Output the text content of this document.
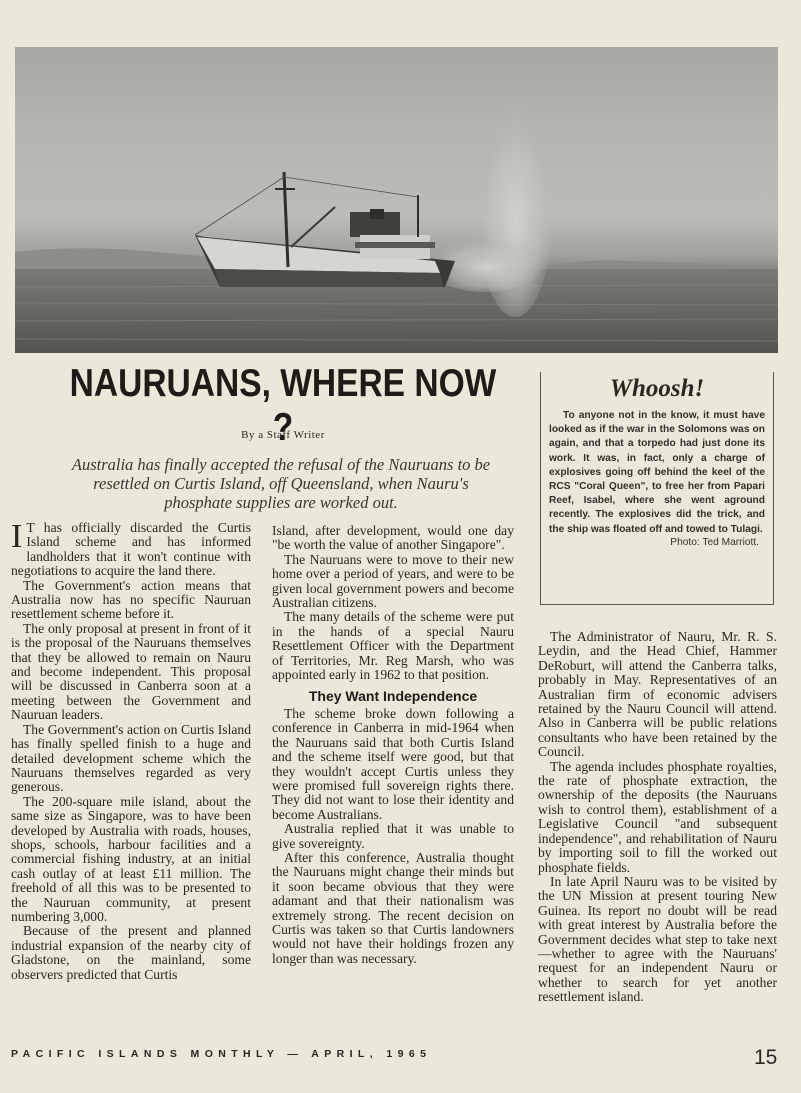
NAURUANS, WHERE NOW ?
By a Staff Writer
Australia has finally accepted the refusal of the Nauruans to be resettled on Curtis Island, off Queensland, when Nauru's phosphate supplies are worked out.

I T has officially discarded the Curtis Island scheme and has informed landholders that it won't continue with negotiations to acquire the land there.

The Government's action means that Australia now has no specific Nauruan resettlement scheme before it.

The only proposal at present in front of it is the proposal of the Nauruans themselves that they be allowed to remain on Nauru and become independent. This proposal will be discussed in Canberra soon at a meeting between the Government and Nauruan leaders.

The Government's action on Curtis Island has finally spelled finish to a huge and detailed development scheme which the Nauruans themselves regarded as very generous.

The 200-square mile island, about the same size as Singapore, was to have been developed by Australia with roads, houses, shops, schools, harbour facilities and a commercial fishing industry, at an initial cash outlay of at least £11 million. The freehold of all this was to be presented to the Nauruan community, at present numbering 3,000.

Because of the present and planned industrial expansion of the nearby city of Gladstone, on the mainland, some observers predicted that Curtis

Island, after development, would one day "be worth the value of another Singapore".

The Nauruans were to move to their new home over a period of years, and were to be given local government powers and become Australian citizens.

The many details of the scheme were put in the hands of a special Nauru Resettlement Officer with the Department of Territories, Mr. Reg Marsh, who was appointed early in 1962 to that position.

They Want Independence

The scheme broke down following a conference in Canberra in mid-1964 when the Nauruans said that both Curtis Island and the scheme itself were good, but that they wouldn't accept Curtis unless they were promised full sovereign rights there. They did not want to lose their identity and become Australians.

Australia replied that it was unable to give sovereignty.

After this conference, Australia thought the Nauruans might change their minds but it soon became obvious that they were adamant and that their nationalism was extremely strong. The recent decision on Curtis was taken so that Curtis landowners would not have their holdings frozen any longer than was necessary.

Whoosh!

To anyone not in the know, it must have looked as if the war in the Solomons was on again, and that a torpedo had just done its work. It was, in fact, only a charge of explosives going off behind the keel of the RCS "Coral Queen", to free her from Papari Reef, Isabel, where she went aground recently. The explosives did the trick, and the ship was floated off and towed to Tulagi.

Photo: Ted Marriott.

The Administrator of Nauru, Mr. R. S. Leydin, and the Head Chief, Hammer DeRoburt, will attend the Canberra talks, probably in May. Representatives of an Australian firm of economic advisers retained by the Nauru Council will attend. Also in Canberra will be public relations consultants who have been retained by the Council.

The agenda includes phosphate royalties, the rate of phosphate extraction, the ownership of the deposits (the Nauruans wish to control them), establishment of a Legislative Council "and subsequent independence", and rehabilitation of Nauru by importing soil to fill the worked out phosphate fields.

In late April Nauru was to be visited by the UN Mission at present touring New Guinea. Its report no doubt will be read with great interest by Australia before the Government decides what step to take next—whether to agree with the Nauruans' request for an independent Nauru or whether to search for yet another resettlement island.

PACIFIC ISLANDS MONTHLY — APRIL, 1965	15
